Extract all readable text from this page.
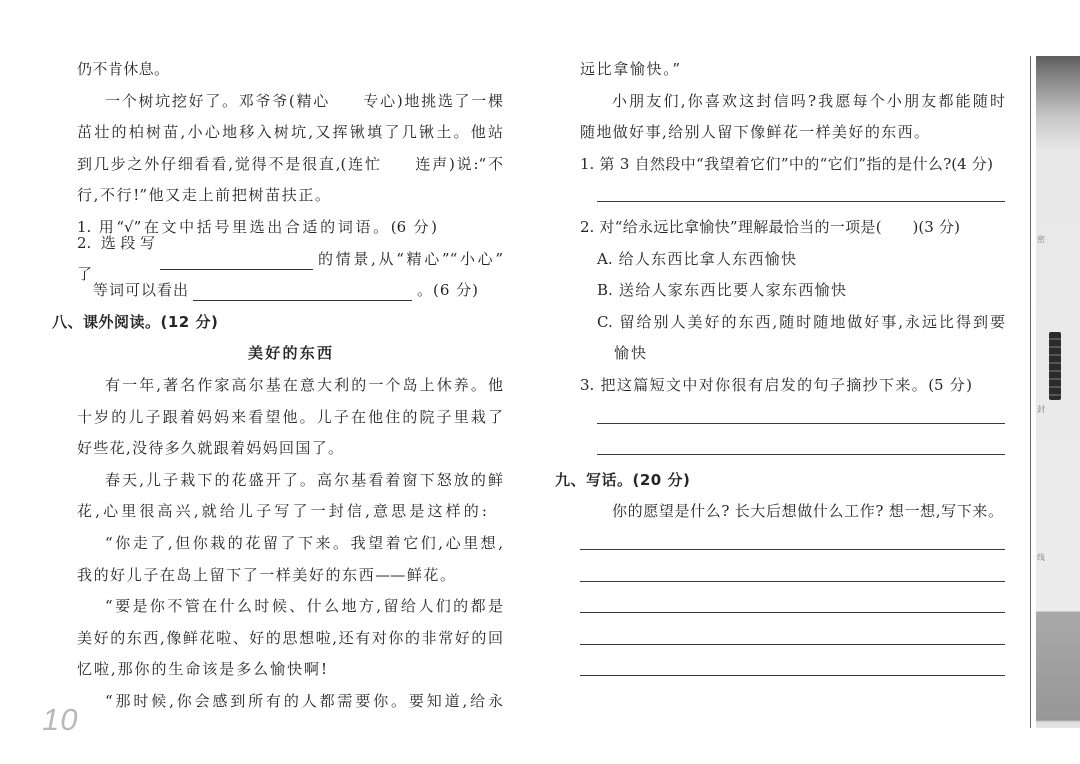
仍不肯休息。
一个树坑挖好了。邓爷爷(精心　　专心)地挑选了一棵
茁壮的柏树苗,小心地移入树坑,又挥锹填了几锹土。他站
到几步之外仔细看看,觉得不是很直,(连忙　　连声)说:“不
行,不行!”他又走上前把树苗扶正。
1. 用“√”在文中括号里选出合适的词语。(6 分)
2. 选段写了
的情景,从“精心”“小心”
等词可以看出	。(6 分)
八、课外阅读。(12 分)
美好的东西
有一年,著名作家高尔基在意大利的一个岛上休养。他
十岁的儿子跟着妈妈来看望他。儿子在他住的院子里栽了
好些花,没待多久就跟着妈妈回国了。
春天,儿子栽下的花盛开了。高尔基看着窗下怒放的鲜
花,心里很高兴,就给儿子写了一封信,意思是这样的:
“你走了,但你栽的花留了下来。我望着它们,心里想,
我的好儿子在岛上留下了一样美好的东西——鲜花。
“要是你不管在什么时候、什么地方,留给人们的都是
美好的东西,像鲜花啦、好的思想啦,还有对你的非常好的回
忆啦,那你的生命该是多么愉快啊!
“那时候,你会感到所有的人都需要你。要知道,给永
远比拿愉快。”
小朋友们,你喜欢这封信吗?我愿每个小朋友都能随时
随地做好事,给别人留下像鲜花一样美好的东西。
1. 第 3 自然段中“我望着它们”中的“它们”指的是什么?(4 分)
2. 对“给永远比拿愉快”理解最恰当的一项是(　　)(3 分)
A. 给人东西比拿人东西愉快
B. 送给人家东西比要人家东西愉快
C. 留给别人美好的东西,随时随地做好事,永远比得到要
愉快
3. 把这篇短文中对你很有启发的句子摘抄下来。(5 分)
九、写话。(20 分)
你的愿望是什么? 长大后想做什么工作? 想一想,写下来。
10
密
封
线
